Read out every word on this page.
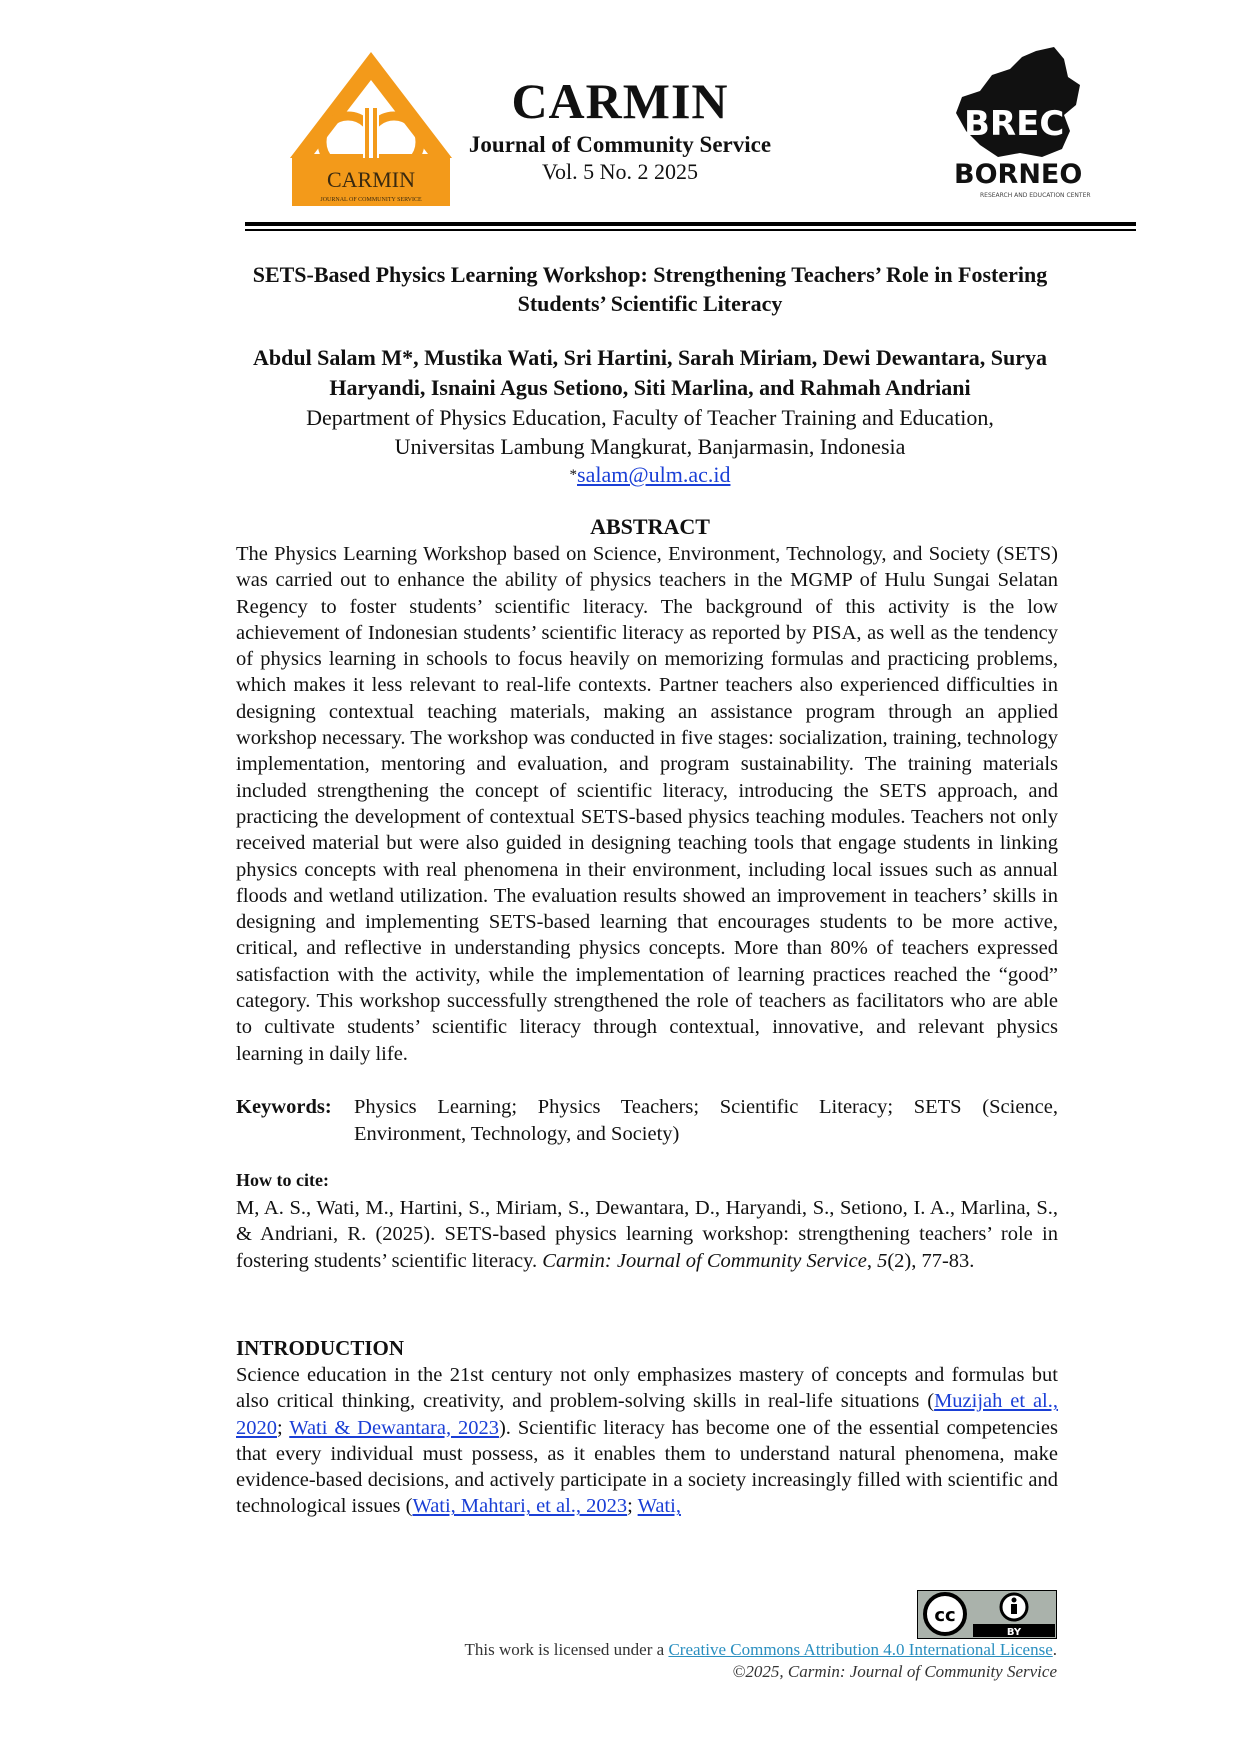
CARMIN
JOURNAL OF COMMUNITY SERVICE
BREC
BORNEO
RESEARCH AND EDUCATION CENTER
CARMIN
Journal of Community Service
Vol. 5 No. 2 2025
SETS-Based Physics Learning Workshop: Strengthening Teachers’ Role in Fostering Students’ Scientific Literacy
Abdul Salam M*, Mustika Wati, Sri Hartini, Sarah Miriam, Dewi Dewantara, Surya Haryandi, Isnaini Agus Setiono, Siti Marlina, and Rahmah Andriani
Department of Physics Education, Faculty of Teacher Training and Education,
Universitas Lambung Mangkurat, Banjarmasin, Indonesia
*salam@ulm.ac.id
ABSTRACT
The Physics Learning Workshop based on Science, Environment, Technology, and Society (SETS) was carried out to enhance the ability of physics teachers in the MGMP of Hulu Sungai Selatan Regency to foster students’ scientific literacy. The background of this activity is the low achievement of Indonesian students’ scientific literacy as reported by PISA, as well as the tendency of physics learning in schools to focus heavily on memorizing formulas and practicing problems, which makes it less relevant to real-life contexts. Partner teachers also experienced difficulties in designing contextual teaching materials, making an assistance program through an applied workshop necessary. The workshop was conducted in five stages: socialization, training, technology implementation, mentoring and evaluation, and program sustainability. The training materials included strengthening the concept of scientific literacy, introducing the SETS approach, and practicing the development of contextual SETS-based physics teaching modules. Teachers not only received material but were also guided in designing teaching tools that engage students in linking physics concepts with real phenomena in their environment, including local issues such as annual floods and wetland utilization. The evaluation results showed an improvement in teachers’ skills in designing and implementing SETS-based learning that encourages students to be more active, critical, and reflective in understanding physics concepts. More than 80% of teachers expressed satisfaction with the activity, while the implementation of learning practices reached the “good” category. This workshop successfully strengthened the role of teachers as facilitators who are able to cultivate students’ scientific literacy through contextual, innovative, and relevant physics learning in daily life.
Keywords: Physics Learning; Physics Teachers; Scientific Literacy; SETS (Science, Environment, Technology, and Society)
How to cite:
M, A. S., Wati, M., Hartini, S., Miriam, S., Dewantara, D., Haryandi, S., Setiono, I. A., Marlina, S., & Andriani, R. (2025). SETS-based physics learning workshop: strengthening teachers’ role in fostering students’ scientific literacy. Carmin: Journal of Community Service, 5(2), 77-83.
INTRODUCTION
Science education in the 21st century not only emphasizes mastery of concepts and formulas but also critical thinking, creativity, and problem-solving skills in real-life situations (Muzijah et al., 2020; Wati & Dewantara, 2023). Scientific literacy has become one of the essential competencies that every individual must possess, as it enables them to understand natural phenomena, make evidence-based decisions, and actively participate in a society increasingly filled with scientific and technological issues (Wati, Mahtari, et al., 2023; Wati,
cc
BY
This work is licensed under a Creative Commons Attribution 4.0 International License.
©2025, Carmin: Journal of Community Service
